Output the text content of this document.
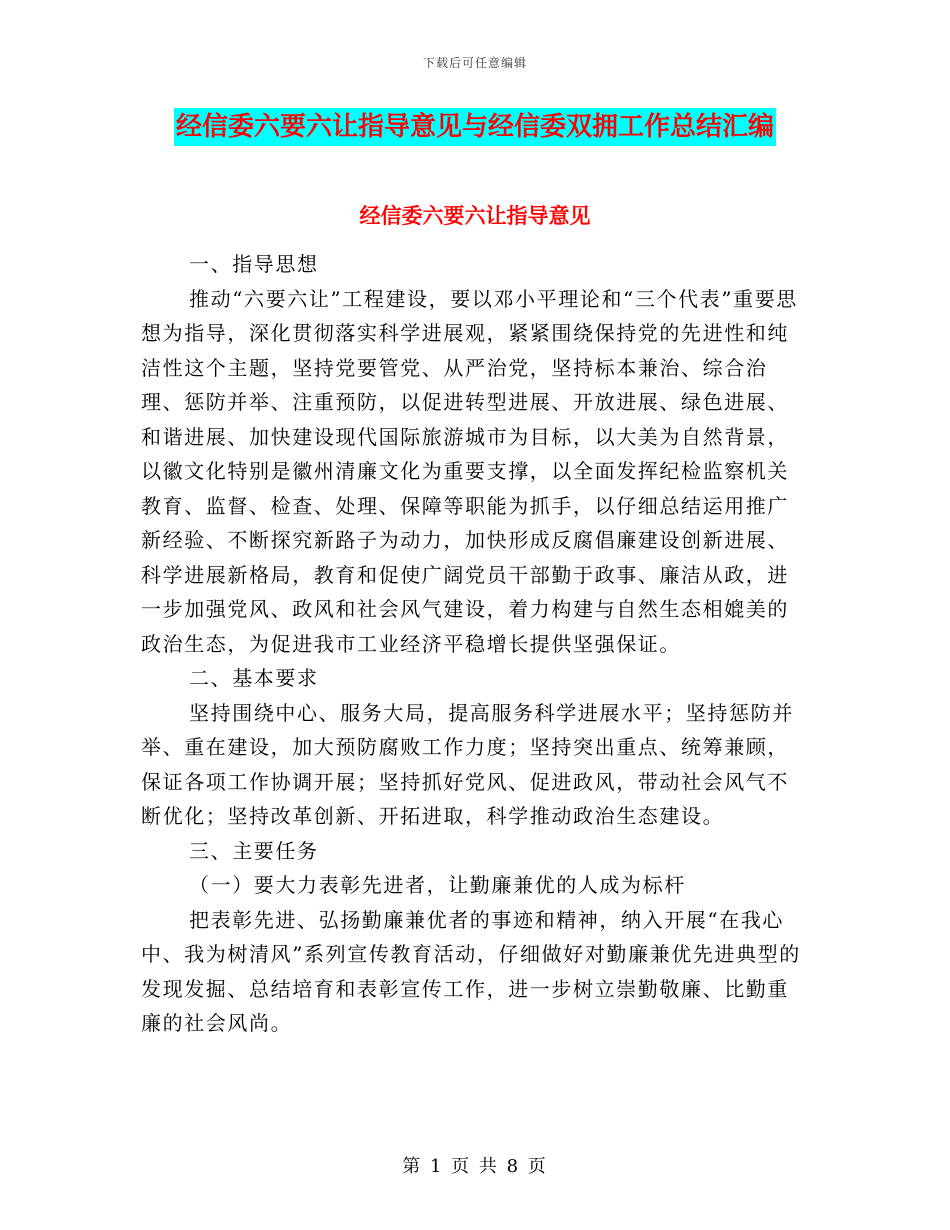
下载后可任意编辑
经信委六要六让指导意见与经信委双拥工作总结汇编
经信委六要六让指导意见

一、指导思想

推动“六要六让”工程建设，要以邓小平理论和“三个代表”重要思想为指导，深化贯彻落实科学进展观，紧紧围绕保持党的先进性和纯洁性这个主题，坚持党要管党、从严治党，坚持标本兼治、综合治理、惩防并举、注重预防，以促进转型进展、开放进展、绿色进展、和谐进展、加快建设现代国际旅游城市为目标，以大美为自然背景，以徽文化特别是徽州清廉文化为重要支撑，以全面发挥纪检监察机关教育、监督、检查、处理、保障等职能为抓手，以仔细总结运用推广新经验、不断探究新路子为动力，加快形成反腐倡廉建设创新进展、科学进展新格局，教育和促使广阔党员干部勤于政事、廉洁从政，进一步加强党风、政风和社会风气建设，着力构建与自然生态相媲美的政治生态，为促进我市工业经济平稳增长提供坚强保证。

二、基本要求

坚持围绕中心、服务大局，提高服务科学进展水平；坚持惩防并举、重在建设，加大预防腐败工作力度；坚持突出重点、统筹兼顾，保证各项工作协调开展；坚持抓好党风、促进政风，带动社会风气不断优化；坚持改革创新、开拓进取，科学推动政治生态建设。

三、主要任务

（一）要大力表彰先进者，让勤廉兼优的人成为标杆

把表彰先进、弘扬勤廉兼优者的事迹和精神，纳入开展“在我心中、我为树清风”系列宣传教育活动，仔细做好对勤廉兼优先进典型的发现发掘、总结培育和表彰宣传工作，进一步树立崇勤敬廉、比勤重廉的社会风尚。

第 1 页 共 8 页
